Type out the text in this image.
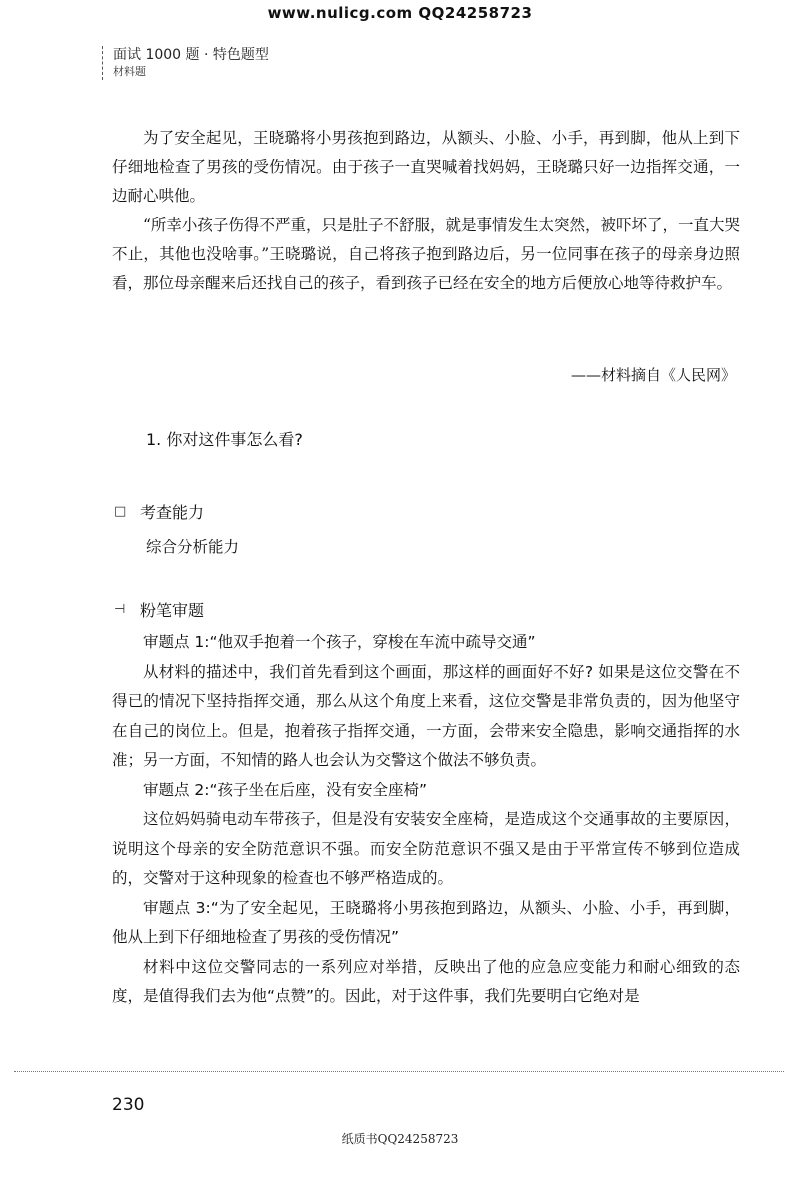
www.nulicg.com QQ24258723
面试 1000 题 · 特色题型
材料题

为了安全起见，王晓璐将小男孩抱到路边，从额头、小脸、小手，再到脚，他从上到下仔细地检查了男孩的受伤情况。由于孩子一直哭喊着找妈妈，王晓璐只好一边指挥交通，一边耐心哄他。

“所幸小孩子伤得不严重，只是肚子不舒服，就是事情发生太突然，被吓坏了，一直大哭不止，其他也没啥事。”王晓璐说，自己将孩子抱到路边后，另一位同事在孩子的母亲身边照看，那位母亲醒来后还找自己的孩子，看到孩子已经在安全的地方后便放心地等待救护车。

——材料摘自《人民网》
1. 你对这件事怎么看?
□ 考查能力
综合分析能力
⊣ 粉笔审题

审题点 1:“他双手抱着一个孩子，穿梭在车流中疏导交通”

从材料的描述中，我们首先看到这个画面，那这样的画面好不好? 如果是这位交警在不得已的情况下坚持指挥交通，那么从这个角度上来看，这位交警是非常负责的，因为他坚守在自己的岗位上。但是，抱着孩子指挥交通，一方面，会带来安全隐患，影响交通指挥的水准；另一方面，不知情的路人也会认为交警这个做法不够负责。

审题点 2:“孩子坐在后座，没有安全座椅”

这位妈妈骑电动车带孩子，但是没有安装安全座椅，是造成这个交通事故的主要原因，说明这个母亲的安全防范意识不强。而安全防范意识不强又是由于平常宣传不够到位造成的，交警对于这种现象的检查也不够严格造成的。

审题点 3:“为了安全起见，王晓璐将小男孩抱到路边，从额头、小脸、小手，再到脚，他从上到下仔细地检查了男孩的受伤情况”

材料中这位交警同志的一系列应对举措，反映出了他的应急应变能力和耐心细致的态度，是值得我们去为他“点赞”的。因此，对于这件事，我们先要明白它绝对是

230
纸质书QQ24258723
